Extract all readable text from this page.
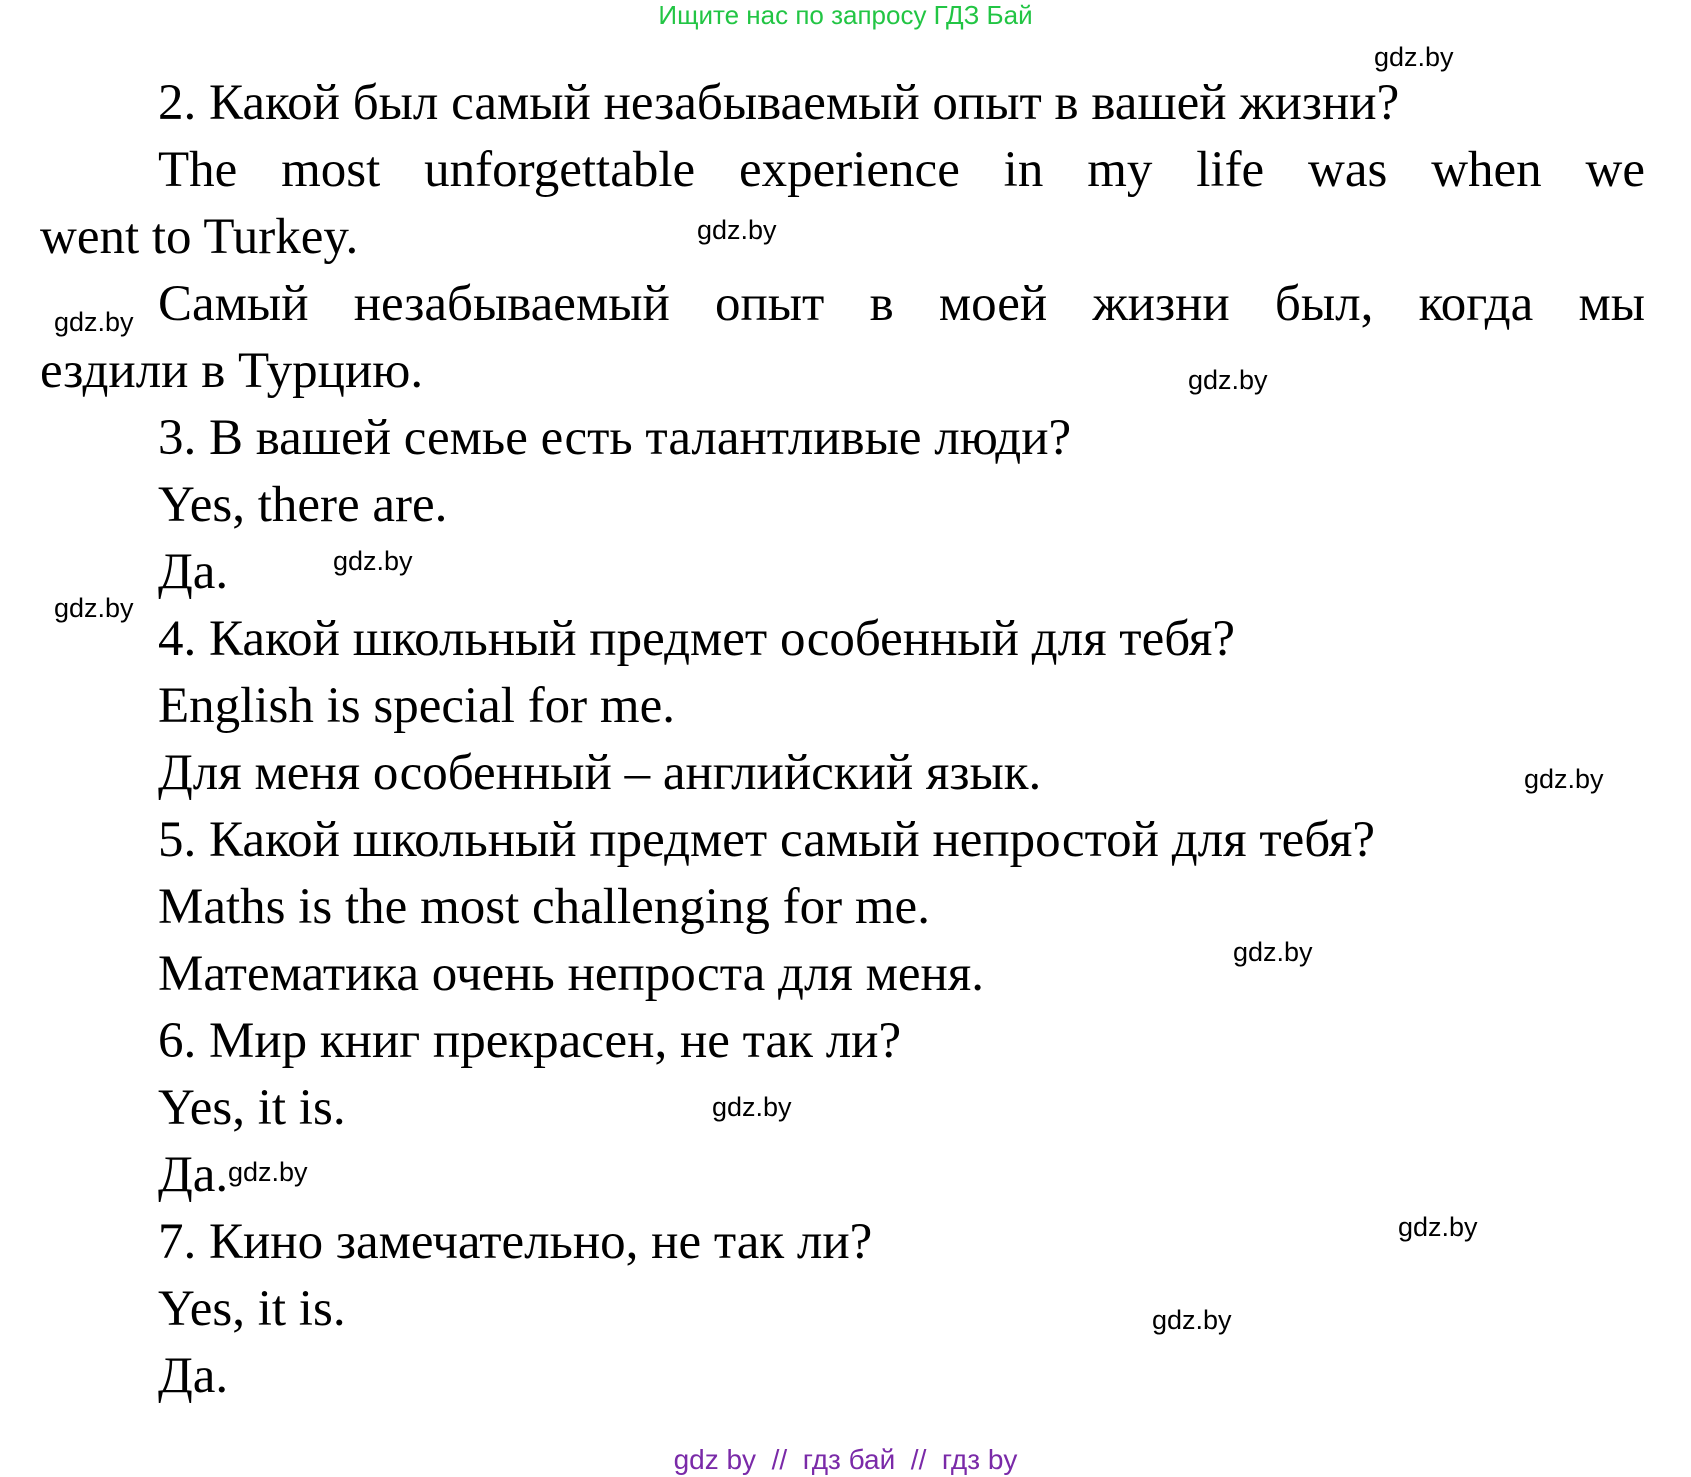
Ищите нас по запросу ГДЗ Бай
2. Какой был самый незабываемый опыт в вашей жизни?
The most unforgettable experience in my life was when we
went to Turkey.
Самый незабываемый опыт в моей жизни был, когда мы
ездили в Турцию.
3. В вашей семье есть талантливые люди?
Yes, there are.
Да.
4. Какой школьный предмет особенный для тебя?
English is special for me.
Для меня особенный – английский язык.
5. Какой школьный предмет самый непростой для тебя?
Maths is the most challenging for me.
Математика очень непроста для меня.
6. Мир книг прекрасен, не так ли?
Yes, it is.
Да.
7. Кино замечательно, не так ли?
Yes, it is.
Да.
gdz.by
gdz.by
gdz.by
gdz.by
gdz.by
gdz.by
gdz.by
gdz.by
gdz.by
gdz.by
gdz.by
gdz.by
gdz by  //  гдз бай  //  гдз by
